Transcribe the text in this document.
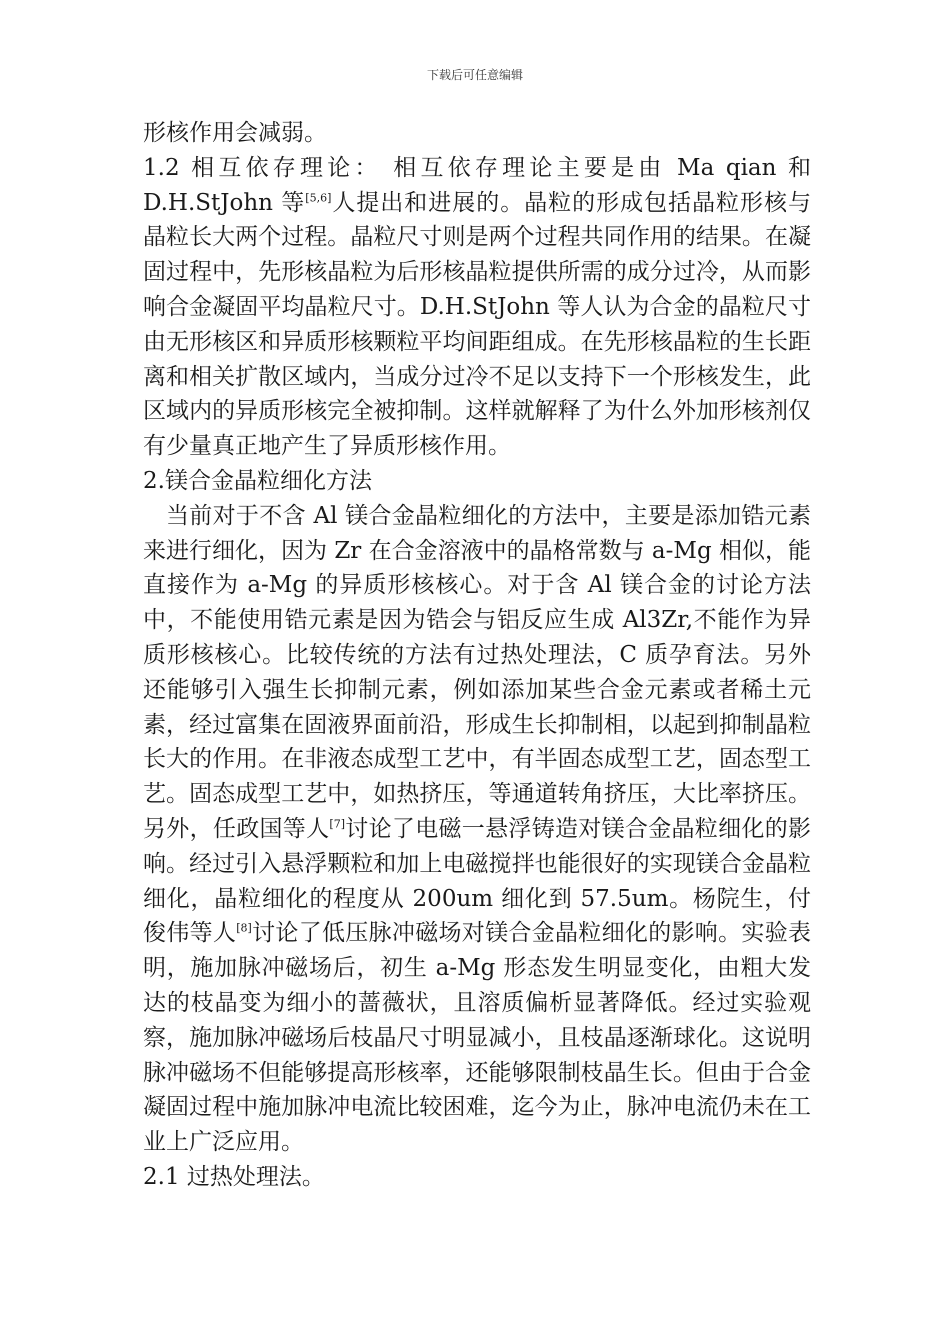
下载后可任意编辑

形核作用会减弱。

1.2 相互依存理论： 相互依存理论主要是由 Ma qian 和 D.H.StJohn 等[5,6]人提出和进展的。晶粒的形成包括晶粒形核与晶粒长大两个过程。晶粒尺寸则是两个过程共同作用的结果。在凝固过程中，先形核晶粒为后形核晶粒提供所需的成分过冷，从而影响合金凝固平均晶粒尺寸。D.H.StJohn 等人认为合金的晶粒尺寸由无形核区和异质形核颗粒平均间距组成。在先形核晶粒的生长距离和相关扩散区域内，当成分过冷不足以支持下一个形核发生，此区域内的异质形核完全被抑制。这样就解释了为什么外加形核剂仅有少量真正地产生了异质形核作用。

2.镁合金晶粒细化方法

当前对于不含 Al 镁合金晶粒细化的方法中，主要是添加锆元素来进行细化，因为 Zr 在合金溶液中的晶格常数与 a-Mg 相似，能直接作为 a-Mg 的异质形核核心。对于含 Al 镁合金的讨论方法中，不能使用锆元素是因为锆会与铝反应生成 Al3Zr,不能作为异质形核核心。比较传统的方法有过热处理法，C 质孕育法。另外还能够引入强生长抑制元素，例如添加某些合金元素或者稀土元素，经过富集在固液界面前沿，形成生长抑制相，以起到抑制晶粒长大的作用。在非液态成型工艺中，有半固态成型工艺，固态型工艺。固态成型工艺中，如热挤压，等通道转角挤压，大比率挤压。另外，任政国等人[7]讨论了电磁一悬浮铸造对镁合金晶粒细化的影响。经过引入悬浮颗粒和加上电磁搅拌也能很好的实现镁合金晶粒细化，晶粒细化的程度从 200um 细化到 57.5um。杨院生，付俊伟等人[8]讨论了低压脉冲磁场对镁合金晶粒细化的影响。实验表明，施加脉冲磁场后，初生 a-Mg 形态发生明显变化，由粗大发达的枝晶变为细小的蔷薇状，且溶质偏析显著降低。经过实验观察，施加脉冲磁场后枝晶尺寸明显减小，且枝晶逐渐球化。这说明脉冲磁场不但能够提高形核率，还能够限制枝晶生长。但由于合金凝固过程中施加脉冲电流比较困难，迄今为止，脉冲电流仍未在工业上广泛应用。

2.1 过热处理法。
